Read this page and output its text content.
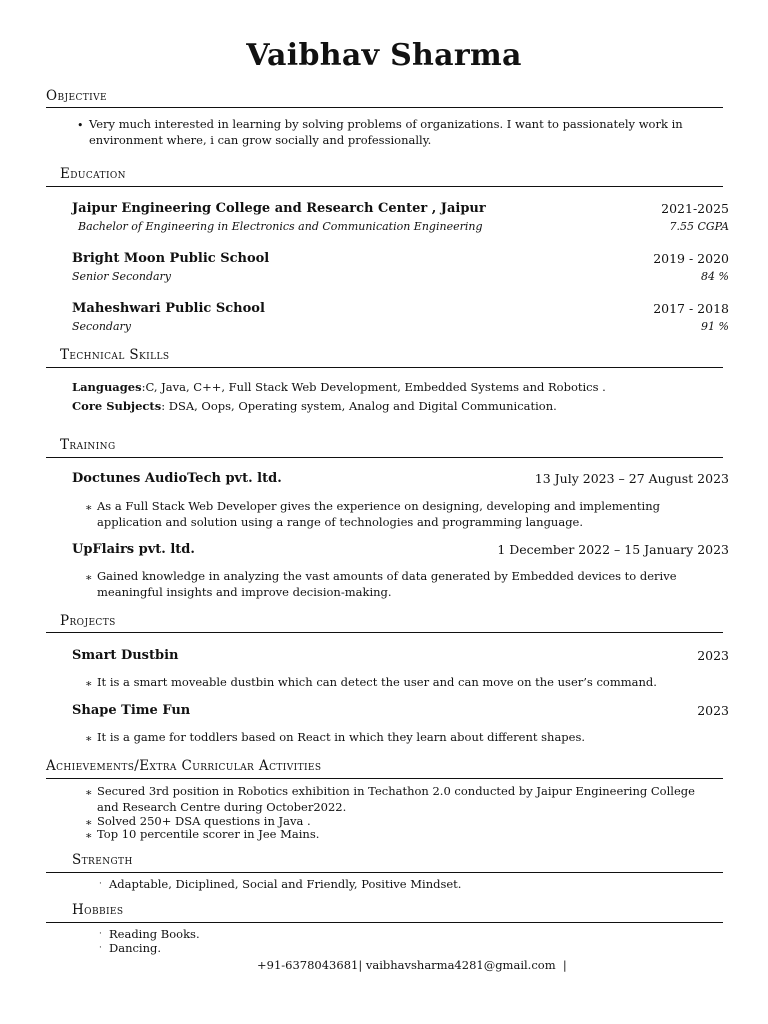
Vaibhav Sharma
Objective
• Very much interested in learning by solving problems of organizations. I want to passionately work in environment where, i can grow socially and professionally.
Education
Jaipur Engineering College and Research Center , Jaipur	2021-2025
Bachelor of Engineering in Electronics and Communication Engineering	7.55 CGPA
Bright Moon Public School	2019 - 2020
Senior Secondary	84 %
Maheshwari Public School	2017 - 2018
Secondary	91 %
Technical Skills
Languages:C, Java, C++, Full Stack Web Development, Embedded Systems and Robotics .
Core Subjects: DSA, Oops, Operating system, Analog and Digital Communication.
Training
Doctunes AudioTech pvt. ltd.	13 July 2023 – 27 August 2023
∗ As a Full Stack Web Developer gives the experience on designing, developing and implementing application and solution using a range of technologies and programming language.
UpFlairs pvt. ltd.	1 December 2022 – 15 January 2023
∗ Gained knowledge in analyzing the vast amounts of data generated by Embedded devices to derive meaningful insights and improve decision-making.
Projects
Smart Dustbin	2023
∗ It is a smart moveable dustbin which can detect the user and can move on the user’s command.
Shape Time Fun	2023
∗ It is a game for toddlers based on React in which they learn about different shapes.
Achievements/Extra Curricular Activities
∗ Secured 3rd position in Robotics exhibition in Techathon 2.0 conducted by Jaipur Engineering College and Research Centre during October2022.
∗ Solved 250+ DSA questions in Java .
∗ Top 10 percentile scorer in Jee Mains.
Strength
· Adaptable, Diciplined, Social and Friendly, Positive Mindset.
Hobbies
· Reading Books.
· Dancing.
+91-6378043681| vaibhavsharma4281@gmail.com |
